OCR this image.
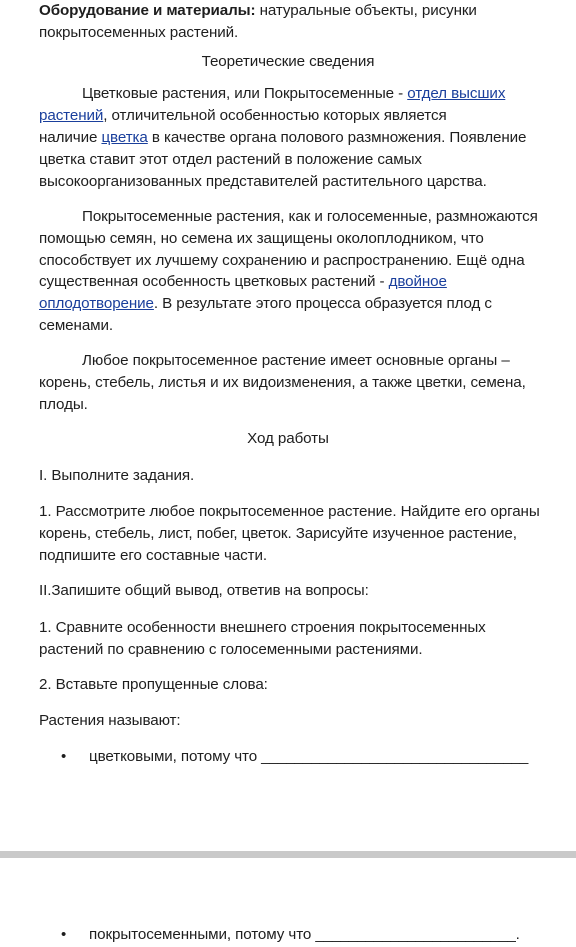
Оборудование и материалы: натуральные объекты, рисунки

покрытосеменных растений.

Теоретические сведения

Цветковые растения, или Покрытосеменные - отдел высших

растений, отличительной особенностью которых является

наличие цветка в качестве органа полового размножения. Появление

цветка ставит этот отдел растений в положение самых

высокоорганизованных представителей растительного царства.

Покрытосеменные растения, как и голосеменные, размножаются

помощью семян, но семена их защищены околоплодником, что

способствует их лучшему сохранению и распространению. Ещё одна

существенная особенность цветковых растений - двойное

оплодотворение. В результате этого процесса образуется плод с

семенами.

Любое покрытосеменное растение имеет основные органы –

корень, стебель, листья и их видоизменения, а также цветки, семена,

плоды.

Ход работы

I. Выполните задания.

1. Рассмотрите любое покрытосеменное растение. Найдите его органы

корень, стебель, лист, побег, цветок. Зарисуйте изученное растение,

подпишите его составные части.

II.Запишите общий вывод, ответив на вопросы:

1. Сравните особенности внешнего строения покрытосеменных

растений по сравнению с голосеменными растениями.

2. Вставьте пропущенные слова:

Растения называют:

• цветковыми, потому что ________________________________

• покрытосеменными, потому что ________________________.
